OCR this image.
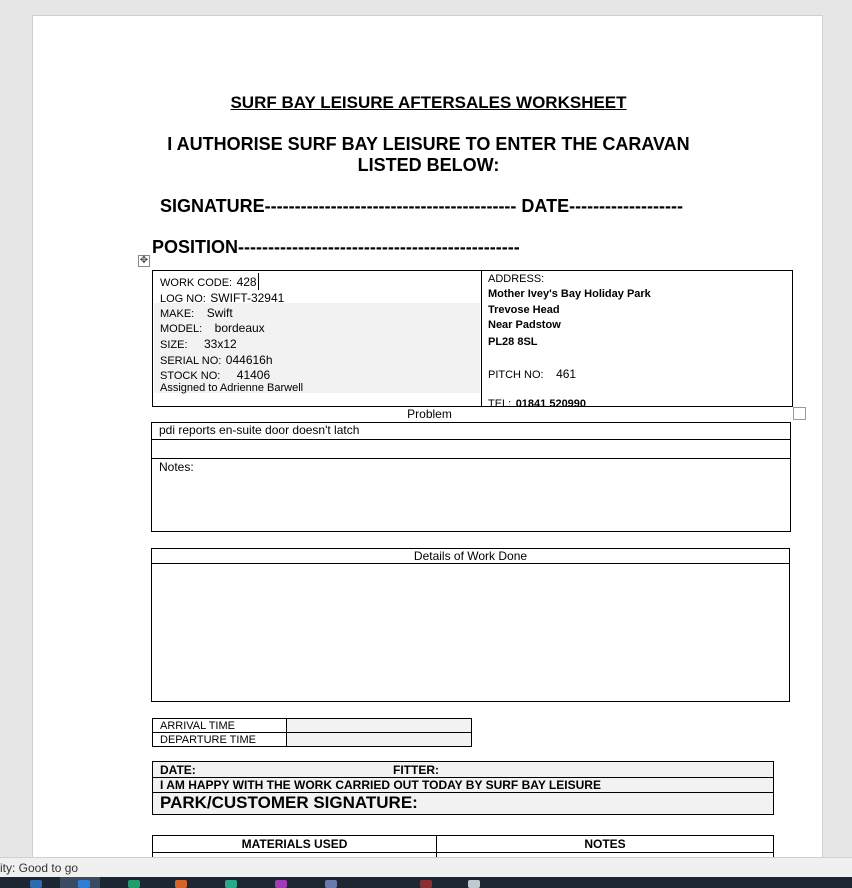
SURF BAY LEISURE AFTERSALES WORKSHEET
I AUTHORISE SURF BAY LEISURE TO ENTER THE CARAVAN
LISTED BELOW:
SIGNATURE------------------------------------------ DATE-------------------
POSITION-----------------------------------------------
✥
WORK CODE: 428
LOG NO: SWIFT-32941
MAKE: Swift
MODEL: bordeaux
SIZE: 33x12
SERIAL NO: 044616h
STOCK NO: 41406
Assigned to Adrienne Barwell
ADDRESS:
Mother Ivey's Bay Holiday Park
Trevose Head
Near Padstow
PL28 8SL
PITCH NO: 461
TEL: 01841 520990
Problem
pdi reports en-suite door doesn't latch
Notes:
Details of Work Done
ARRIVAL TIME
DEPARTURE TIME
DATE:	FITTER:
I AM HAPPY WITH THE WORK CARRIED OUT TODAY BY SURF BAY LEISURE
PARK/CUSTOMER SIGNATURE:
MATERIALS USED	NOTES
ity: Good to go
